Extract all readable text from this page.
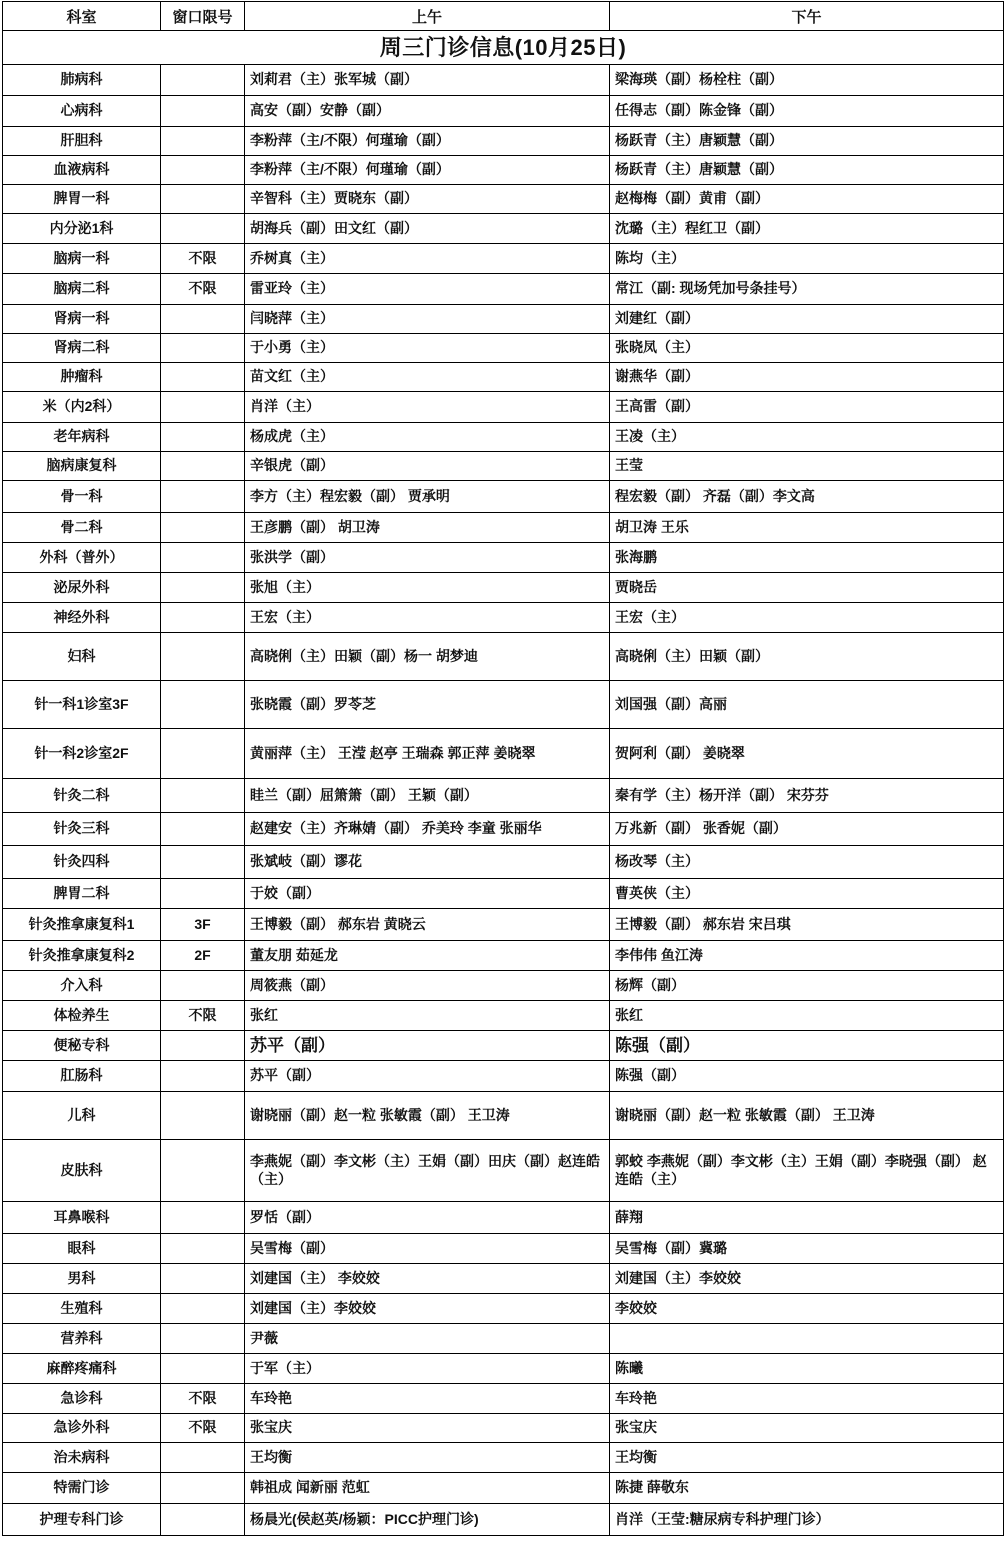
周三门诊信息(10月25日)			
科室	窗口限号	上午	下午
肺病科		刘莉君（主）张军城（副）	梁海瑛（副）杨栓柱（副）
心病科		高安（副）安静（副）	任得志（副）陈金锋（副）
肝胆科		李粉萍（主/不限）何瑾瑜（副）	杨跃青（主）唐颖慧（副）
血液病科		李粉萍（主/不限）何瑾瑜（副）	杨跃青（主）唐颖慧（副）
脾胃一科		辛智科（主）贾晓东（副）	赵梅梅（副）黄甫（副）
内分泌1科		胡海兵（副）田文红（副）	沈璐（主）程红卫（副）
脑病一科	不限	乔树真（主）	陈均（主）
脑病二科	不限	雷亚玲（主）	常江（副: 现场凭加号条挂号）
肾病一科		闫晓萍（主）	刘建红（副）
肾病二科		于小勇（主）	张晓凤（主）
肿瘤科		苗文红（主）	谢燕华（副）
米（内2科）		肖洋（主）	王高雷（副）
老年病科		杨成虎（主）	王凌（主）
脑病康复科		辛银虎（副）	王莹
骨一科		李方（主）程宏毅（副） 贾承明	程宏毅（副） 齐磊（副）李文高
骨二科		王彦鹏（副） 胡卫涛	胡卫涛 王乐
外科（普外）		张洪学（副）	张海鹏
泌尿外科		张旭（主）	贾晓岳
神经外科		王宏（主）	王宏（主）
妇科		高晓俐（主）田颖（副）杨一 胡梦迪	高晓俐（主）田颖（副）
针一科1诊室3F		张晓霞（副）罗苓芝	刘国强（副）高丽
针一科2诊室2F		黄丽萍（主） 王滢 赵亭 王瑞森 郭正萍 姜晓翠	贺阿利（副） 姜晓翠
针灸二科		眭兰（副）屈箫箫（副） 王颖（副）	秦有学（主）杨开洋（副） 宋芬芬
针灸三科		赵建安（主）齐琳婧（副） 乔美玲 李童 张丽华	万兆新（副） 张香妮（副）
针灸四科		张斌岐（副）谬花	杨改琴（主）
脾胃二科		于姣（副）	曹英侠（主）
针灸推拿康复科1	3F	王博毅（副） 郝东岩 黄晓云	王博毅（副） 郝东岩 宋吕琪
针灸推拿康复科2	2F	董友朋 茹延龙	李伟伟 鱼江涛
介入科		周筱燕（副）	杨辉（副）
体检养生	不限	张红	张红
便秘专科		苏平（副）	陈强（副）
肛肠科		苏平（副）	陈强（副）
儿科		谢晓丽（副）赵一粒 张敏霞（副） 王卫涛	谢晓丽（副）赵一粒 张敏霞（副） 王卫涛
皮肤科		李燕妮（副）李文彬（主）王娟（副）田庆（副）赵连皓（主）	郭蛟 李燕妮（副）李文彬（主）王娟（副）李晓强（副） 赵连皓（主）
耳鼻喉科		罗恬（副）	薛翔
眼科		吴雪梅（副）	吴雪梅（副）冀璐
男科		刘建国（主） 李姣姣	刘建国（主）李姣姣
生殖科		刘建国（主）李姣姣	李姣姣
营养科		尹薇	
麻醉疼痛科		于军（主）	陈曦
急诊科	不限	车玲艳	车玲艳
急诊外科	不限	张宝庆	张宝庆
治未病科		王均衡	王均衡
特需门诊		韩祖成 闻新丽 范虹	陈捷 薛敬东
护理专科门诊		杨晨光(侯赵英/杨颖：PICC护理门诊)	肖洋（王莹:糖尿病专科护理门诊）
